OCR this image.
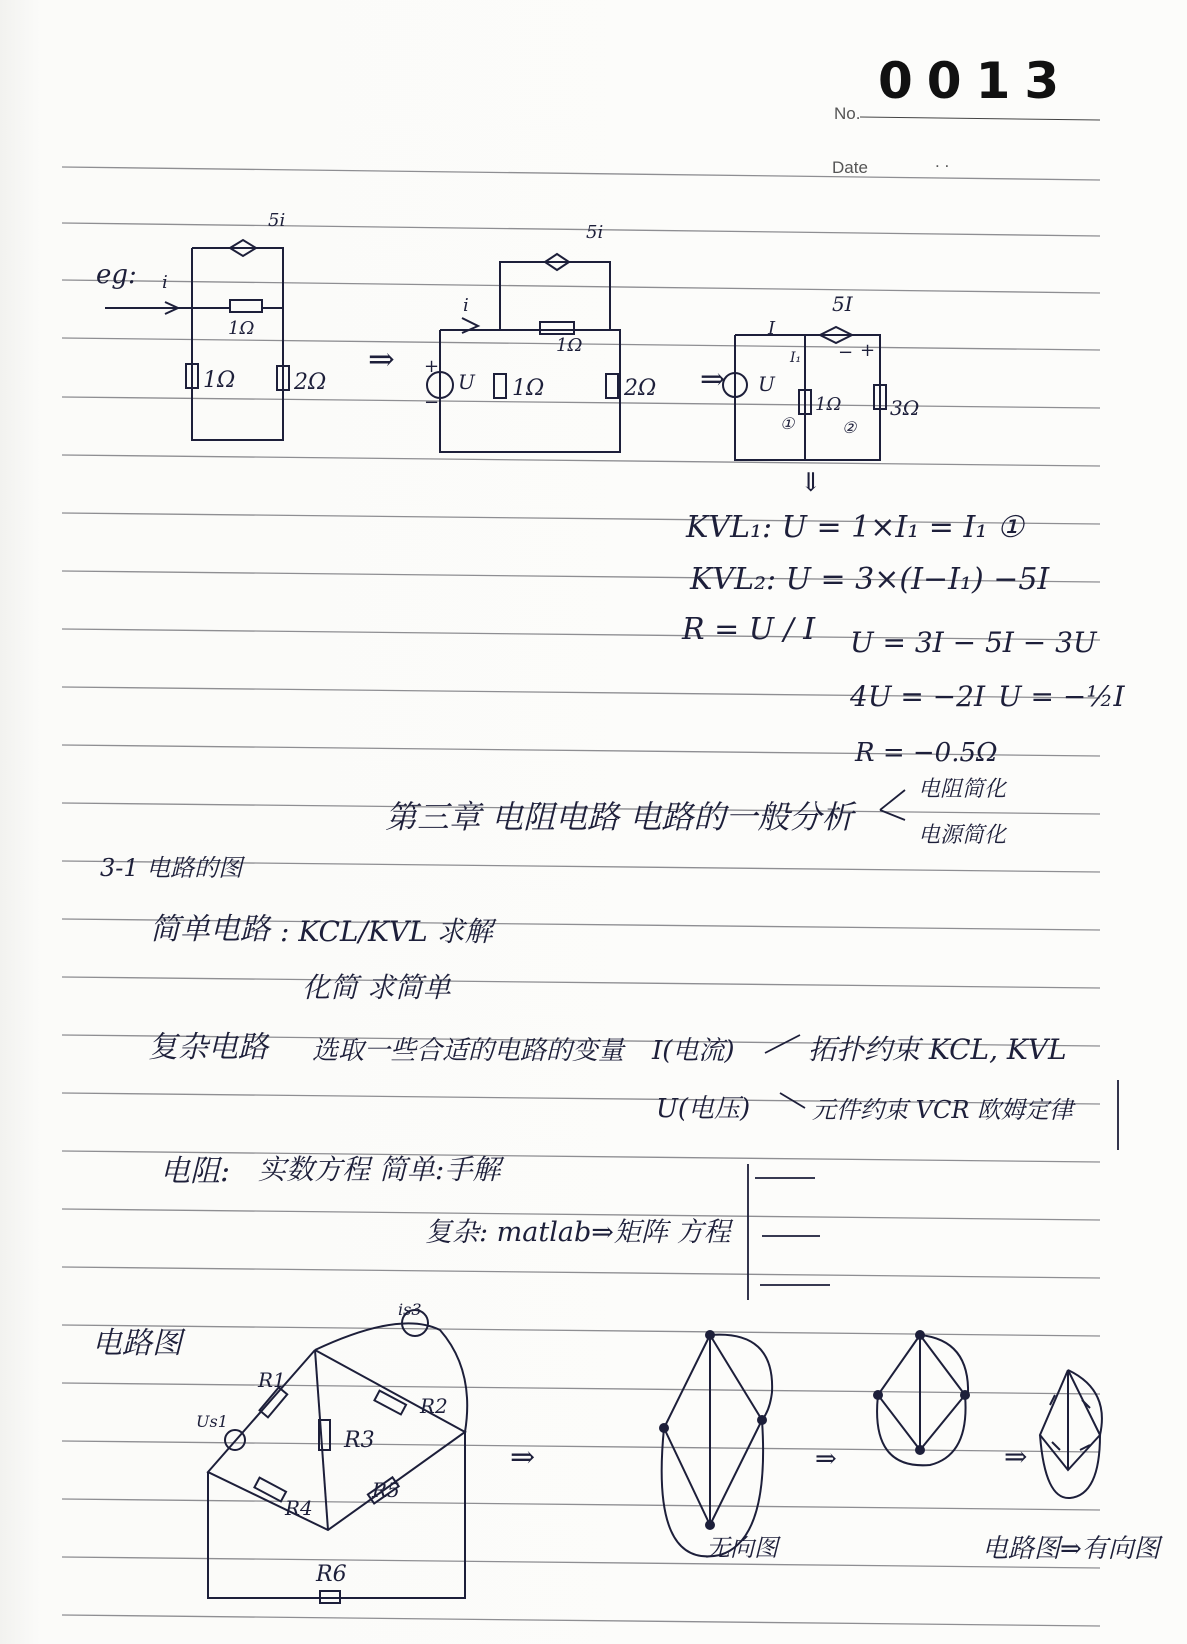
No.
0013
Date	. .
eg: i
5i
1Ω
1Ω	2Ω
⇒
i
5i
U
+
−
1Ω
1Ω	2Ω ⇒
I
I₁
5I
U
+
−
1Ω 3Ω
①	②
⇓
KVL₁: U = 1×I₁ = I₁ ①
KVL₂: U = 3×(I−I₁) −5I
R = U / I U = 3I − 5I − 3U
4U = −2I U = −½I
R = −0.5Ω
第三章 电阻电路 电路的一般分析
电阻简化
电源简化
3-1 电路的图
简单电路 : KCL/KVL 求解
化简 求简单
复杂电路 选取一些合适的电路的变量 I(电流)
U(电压)
拓扑约束 KCL, KVL
元件约束 VCR 欧姆定律
电阻: 实数方程 简单:手解
复杂: matlab⇒矩阵 方程
电路图
Us1
is3
R1
R2
R3
R4
R5
R6
⇒	⇒	⇒
无向图	电路图⇒有向图
